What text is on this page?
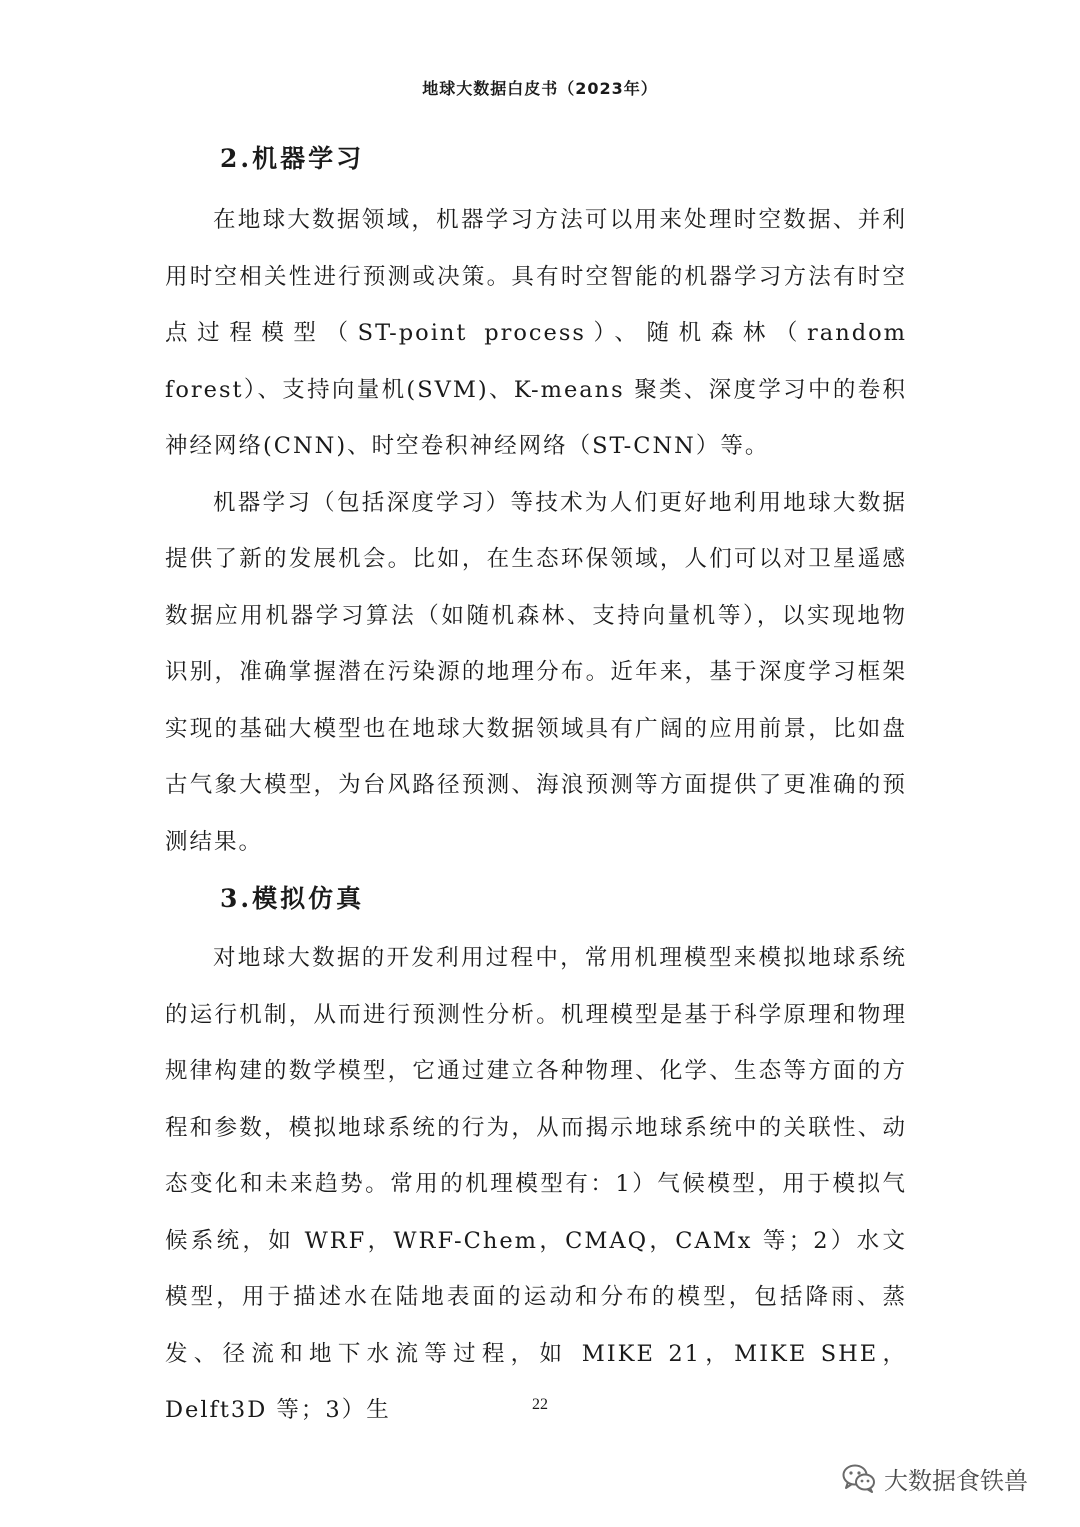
地球大数据白皮书（2023年）
2.机器学习

在地球大数据领域，机器学习方法可以用来处理时空数据、并利用时空相关性进行预测或决策。具有时空智能的机器学习方法有时空点过程模型（ST-point process）、随机森林（random forest）、支持向量机(SVM)、K-means 聚类、深度学习中的卷积神经网络(CNN)、时空卷积神经网络（ST-CNN）等。

机器学习（包括深度学习）等技术为人们更好地利用地球大数据提供了新的发展机会。比如，在生态环保领域，人们可以对卫星遥感数据应用机器学习算法（如随机森林、支持向量机等），以实现地物识别，准确掌握潜在污染源的地理分布。近年来，基于深度学习框架实现的基础大模型也在地球大数据领域具有广阔的应用前景，比如盘古气象大模型，为台风路径预测、海浪预测等方面提供了更准确的预测结果。

3.模拟仿真

对地球大数据的开发利用过程中，常用机理模型来模拟地球系统的运行机制，从而进行预测性分析。机理模型是基于科学原理和物理规律构建的数学模型，它通过建立各种物理、化学、生态等方面的方程和参数，模拟地球系统的行为，从而揭示地球系统中的关联性、动态变化和未来趋势。常用的机理模型有：1）气候模型，用于模拟气候系统，如 WRF，WRF-Chem，CMAQ，CAMx 等；2）水文模型，用于描述水在陆地表面的运动和分布的模型，包括降雨、蒸发、径流和地下水流等过程，如 MIKE 21，MIKE SHE，Delft3D 等；3）生	22
大数据食铁兽
